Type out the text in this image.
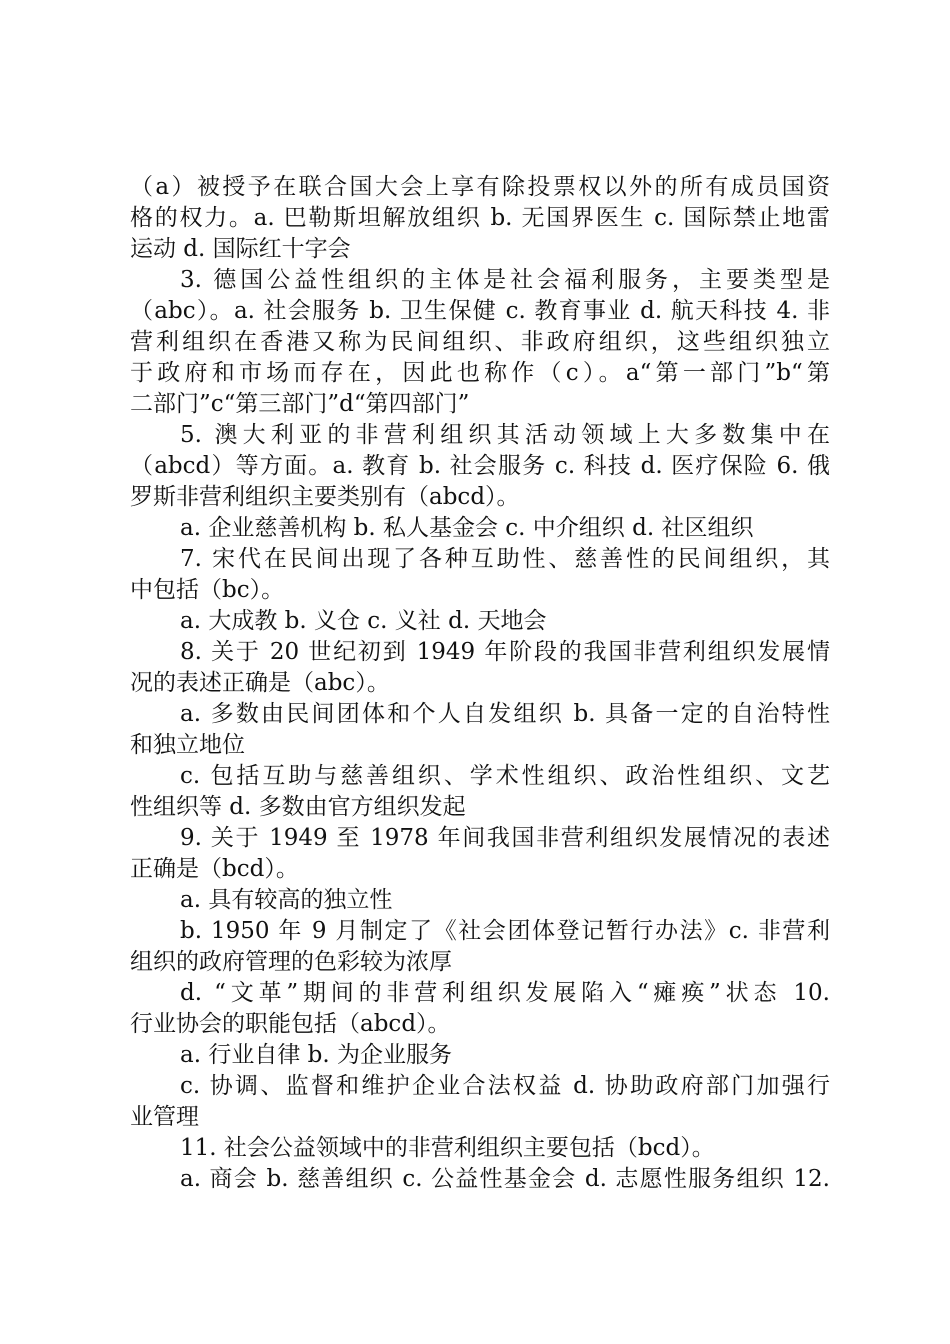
（a）被授予在联合国大会上享有除投票权以外的所有成员国资
格的权力。a. 巴勒斯坦解放组织 b. 无国界医生 c. 国际禁止地雷
运动 d. 国际红十字会
3. 德国公益性组织的主体是社会福利服务，主要类型是
（abc）。a. 社会服务 b. 卫生保健 c. 教育事业 d. 航天科技 4. 非
营利组织在香港又称为民间组织、非政府组织，这些组织独立
于政府和市场而存在，因此也称作（c）。a“第一部门”b“第
二部门”c“第三部门”d“第四部门”
5. 澳大利亚的非营利组织其活动领域上大多数集中在
（abcd）等方面。a. 教育 b. 社会服务 c. 科技 d. 医疗保险 6. 俄
罗斯非营利组织主要类别有（abcd）。
a. 企业慈善机构 b. 私人基金会 c. 中介组织 d. 社区组织
7. 宋代在民间出现了各种互助性、慈善性的民间组织，其
中包括（bc）。
a. 大成教 b. 义仓 c. 义社 d. 天地会
8. 关于 20 世纪初到 1949 年阶段的我国非营利组织发展情
况的表述正确是（abc）。
a. 多数由民间团体和个人自发组织 b. 具备一定的自治特性
和独立地位
c. 包括互助与慈善组织、学术性组织、政治性组织、文艺
性组织等 d. 多数由官方组织发起
9. 关于 1949 至 1978 年间我国非营利组织发展情况的表述
正确是（bcd）。
a. 具有较高的独立性
b. 1950 年 9 月制定了《社会团体登记暂行办法》c. 非营利
组织的政府管理的色彩较为浓厚
d. “文革”期间的非营利组织发展陷入“瘫痪”状态 10.
行业协会的职能包括（abcd）。
a. 行业自律 b. 为企业服务
c. 协调、监督和维护企业合法权益 d. 协助政府部门加强行
业管理
11. 社会公益领域中的非营利组织主要包括（bcd）。
a. 商会 b. 慈善组织 c. 公益性基金会 d. 志愿性服务组织 12.
